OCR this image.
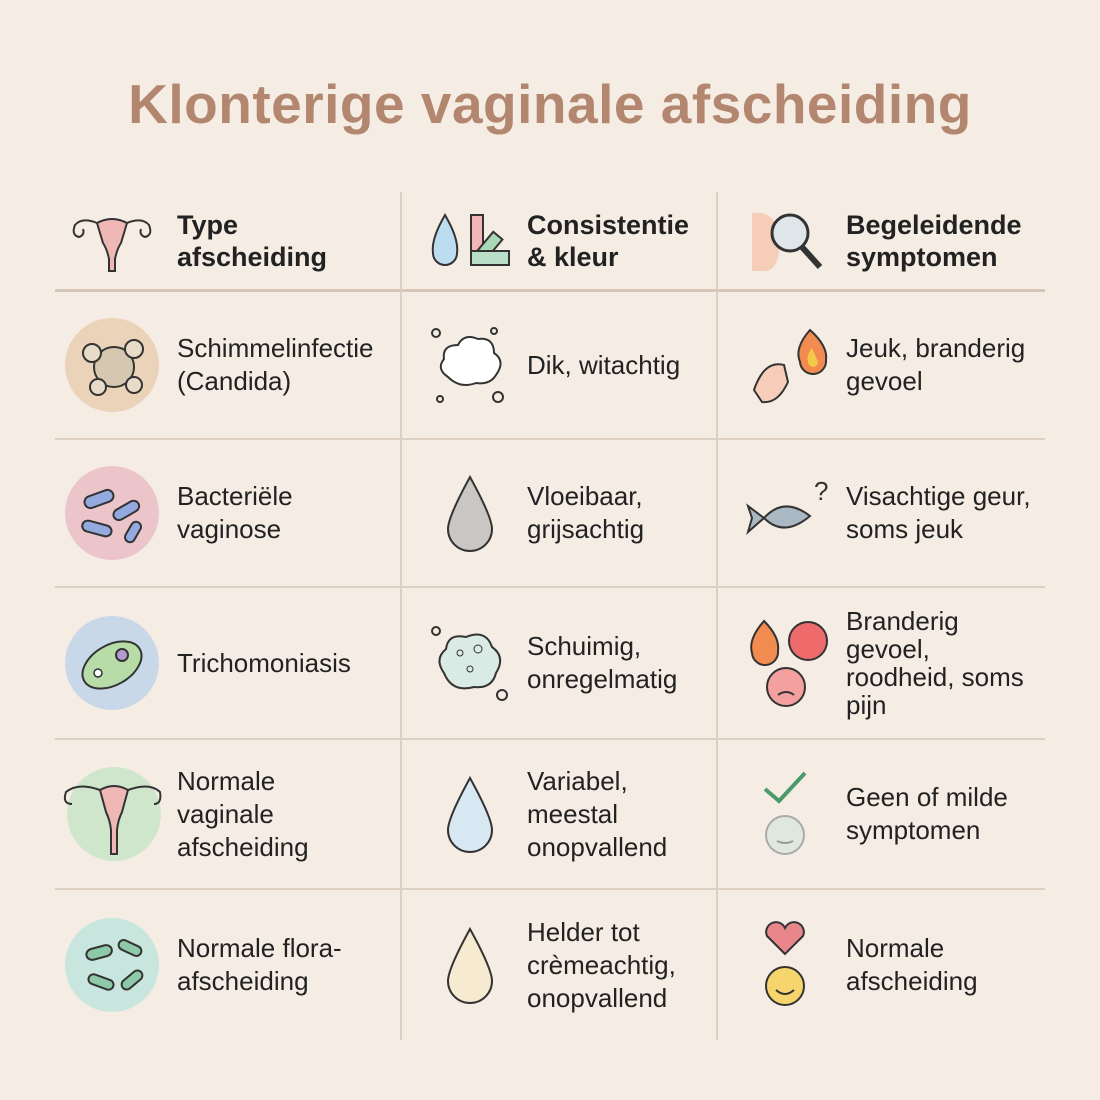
Klonterige vaginale afscheiding
Type afscheiding
Consistentie & kleur
Begeleidende symptomen
Schimmelinfectie (Candida)
Dik, witachtig
Jeuk, branderig gevoel
Bacteriële vaginose
Vloeibaar, grijsachtig
? Visachtige geur, soms jeuk
Trichomoniasis
Schuimig, onregelmatig
Branderig gevoel, roodheid, soms pijn
Normale vaginale afscheiding
Variabel, meestal onopvallend
Geen of milde symptomen
Normale flora-afscheiding
Helder tot crèmeachtig, onopvallend
Normale afscheiding
